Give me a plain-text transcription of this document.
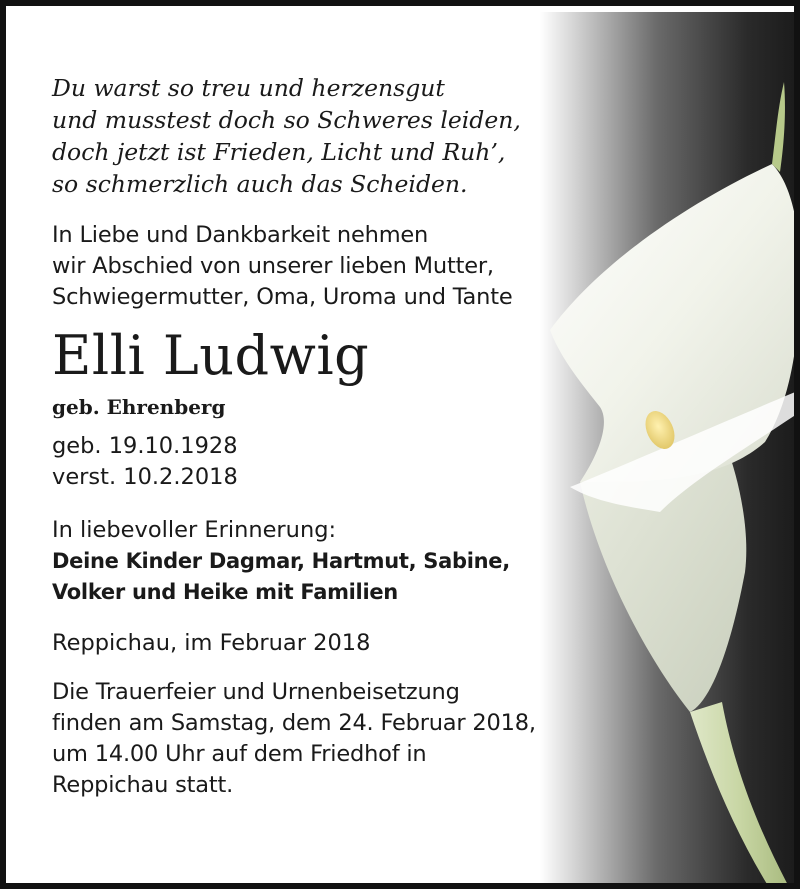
Du warst so treu und herzensgut
und musstest doch so Schweres leiden,
doch jetzt ist Frieden, Licht und Ruh’,
so schmerzlich auch das Scheiden.
In Liebe und Dankbarkeit nehmen
wir Abschied von unserer lieben Mutter,
Schwiegermutter, Oma, Uroma und Tante
Elli Ludwig
geb. Ehrenberg
geb. 19.10.1928
verst. 10.2.2018
In liebevoller Erinnerung:
Deine Kinder Dagmar, Hartmut, Sabine,
Volker und Heike mit Familien
Reppichau, im Februar 2018
Die Trauerfeier und Urnenbeisetzung
finden am Samstag, dem 24. Februar 2018,
um 14.00 Uhr auf dem Friedhof in
Reppichau statt.
